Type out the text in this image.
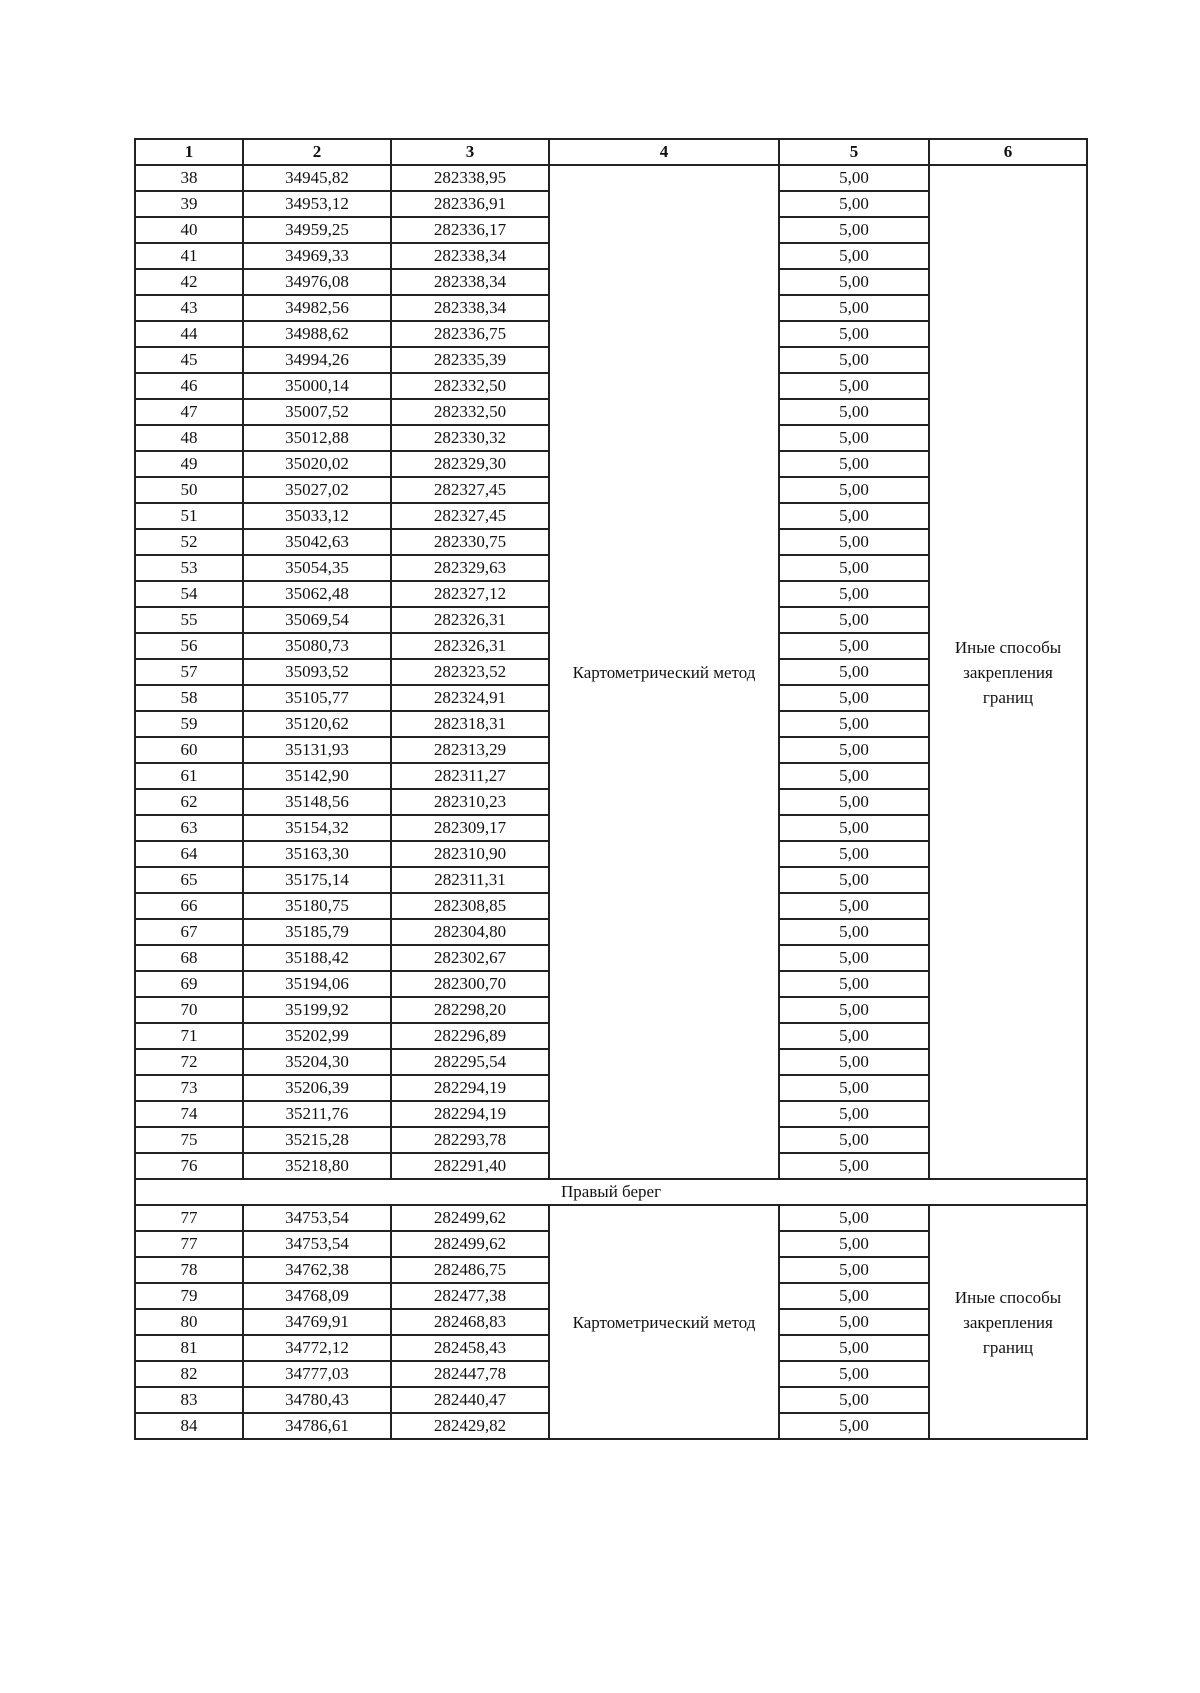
1	2	3	4	5	6
38	34945,82	282338,95	Картометрический метод	5,00	Иные способы закрепления границ
39	34953,12	282336,91		5,00	
40	34959,25	282336,17		5,00	
41	34969,33	282338,34		5,00	
42	34976,08	282338,34		5,00	
43	34982,56	282338,34		5,00	
44	34988,62	282336,75		5,00	
45	34994,26	282335,39		5,00	
46	35000,14	282332,50		5,00	
47	35007,52	282332,50		5,00	
48	35012,88	282330,32		5,00	
49	35020,02	282329,30		5,00	
50	35027,02	282327,45		5,00	
51	35033,12	282327,45		5,00	
52	35042,63	282330,75		5,00	
53	35054,35	282329,63		5,00	
54	35062,48	282327,12		5,00	
55	35069,54	282326,31		5,00	
56	35080,73	282326,31		5,00	
57	35093,52	282323,52		5,00	
58	35105,77	282324,91		5,00	
59	35120,62	282318,31		5,00	
60	35131,93	282313,29		5,00	
61	35142,90	282311,27		5,00	
62	35148,56	282310,23		5,00	
63	35154,32	282309,17		5,00	
64	35163,30	282310,90		5,00	
65	35175,14	282311,31		5,00	
66	35180,75	282308,85		5,00	
67	35185,79	282304,80		5,00	
68	35188,42	282302,67		5,00	
69	35194,06	282300,70		5,00	
70	35199,92	282298,20		5,00	
71	35202,99	282296,89		5,00	
72	35204,30	282295,54		5,00	
73	35206,39	282294,19		5,00	
74	35211,76	282294,19		5,00	
75	35215,28	282293,78		5,00	
76	35218,80	282291,40		5,00	
Правый берег					
77	34753,54	282499,62	Картометрический метод	5,00	Иные способы закрепления границ
77	34753,54	282499,62		5,00	
78	34762,38	282486,75		5,00	
79	34768,09	282477,38		5,00	
80	34769,91	282468,83		5,00	
81	34772,12	282458,43		5,00	
82	34777,03	282447,78		5,00	
83	34780,43	282440,47		5,00	
84	34786,61	282429,82		5,00	
